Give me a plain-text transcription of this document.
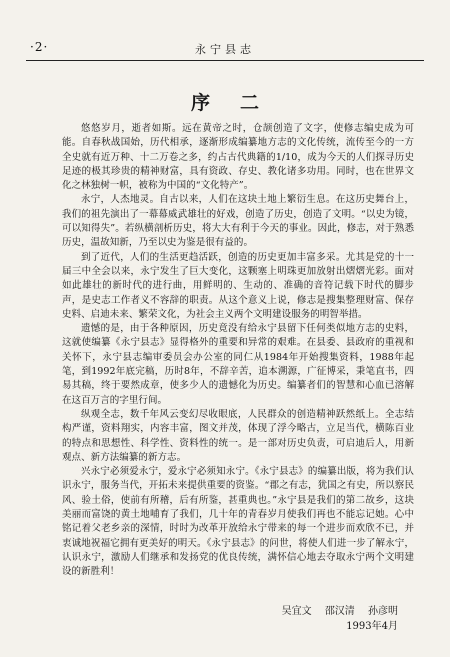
·2·	永宁县志
序二

悠悠岁月，逝者如斯。远在黄帝之时，仓颉创造了文字，使修志编史成为可能。自春秋战国始，历代相承，逐渐形成编纂地方志的文化传统，流传至今的一方全史就有近万种、十二万卷之多，约占古代典籍的1/10，成为今天的人们探寻历史足迹的极其珍贵的精神财富，具有资政、存史、教化诸多功用。同时，也在世界文化之林独树一帜，被称为中国的“文化特产”。

永宁，人杰地灵。自古以来，人们在这块土地上繁衍生息。在这历史舞台上，我们的祖先演出了一幕幕威武雄壮的好戏，创造了历史，创造了文明。“以史为镜，可以知得失”。若纵横剖析历史，将大大有利于今天的事业。因此，修志，对于熟悉历史，温故知新，乃至以史为鉴是很有益的。

到了近代，人们的生活更趋活跃，创造的历史更加丰富多采。尤其是党的十一届三中全会以来，永宁发生了巨大变化，这颗塞上明珠更加放射出熠熠光彩。面对如此雄壮的新时代的进行曲，用鲜明的、生动的、准确的音符记载下时代的脚步声，是史志工作者义不容辞的职责。从这个意义上说，修志是搜集整理财富、保存史料、启迪未来、繁荣文化，为社会主义两个文明建设服务的明智举措。

遗憾的是，由于各种原因，历史竟没有给永宁县留下任何类似地方志的史料，这就使编纂《永宁县志》显得格外的重要和异常的艰难。在县委、县政府的重视和关怀下，永宁县志编审委员会办公室的同仁从1984年开始搜集资料，1988年起笔，到1992年底完稿，历时8年，不辞辛苦，追本溯源，广征博采，秉笔直书，四易其稿，终于要然成章，使多少人的遗憾化为历史。编纂者们的智慧和心血已溶解在这百万言的字里行间。

纵观全志，数千年风云变幻尽收眼底，人民群众的创造精神跃然纸上。全志结构严谨，资料翔实，内容丰富，图文并茂，体现了浮今略古，立足当代，横陈百业的特点和思想性、科学性、资料性的统一。是一部对历史负责，可启迪后人，用新观点、新方法编纂的新方志。

兴永宁必须爱永宁，爱永宁必须知永宁。《永宁县志》的编纂出版，将为我们认识永宁，服务当代，开拓未来提供重要的资鉴。“郡之有志，犹国之有史，所以察民风、验土俗，使前有所稽，后有所鉴，甚重典也。”永宁县是我们的第二故乡，这块美丽而富饶的黄土地哺育了我们，几十年的青春岁月使我们再也不能忘记她。心中铭记着父老乡亲的深情，时时为改革开放给永宁带来的每一个进步而欢欣不已，并衷诚地祝福它拥有更美好的明天。《永宁县志》的问世，将使人们进一步了解永宁，认识永宁，激励人们继承和发扬党的优良传统，满怀信心地去夺取永宁两个文明建设的新胜利！

吴宜文 邵汉清 孙彦明
1993年4月
